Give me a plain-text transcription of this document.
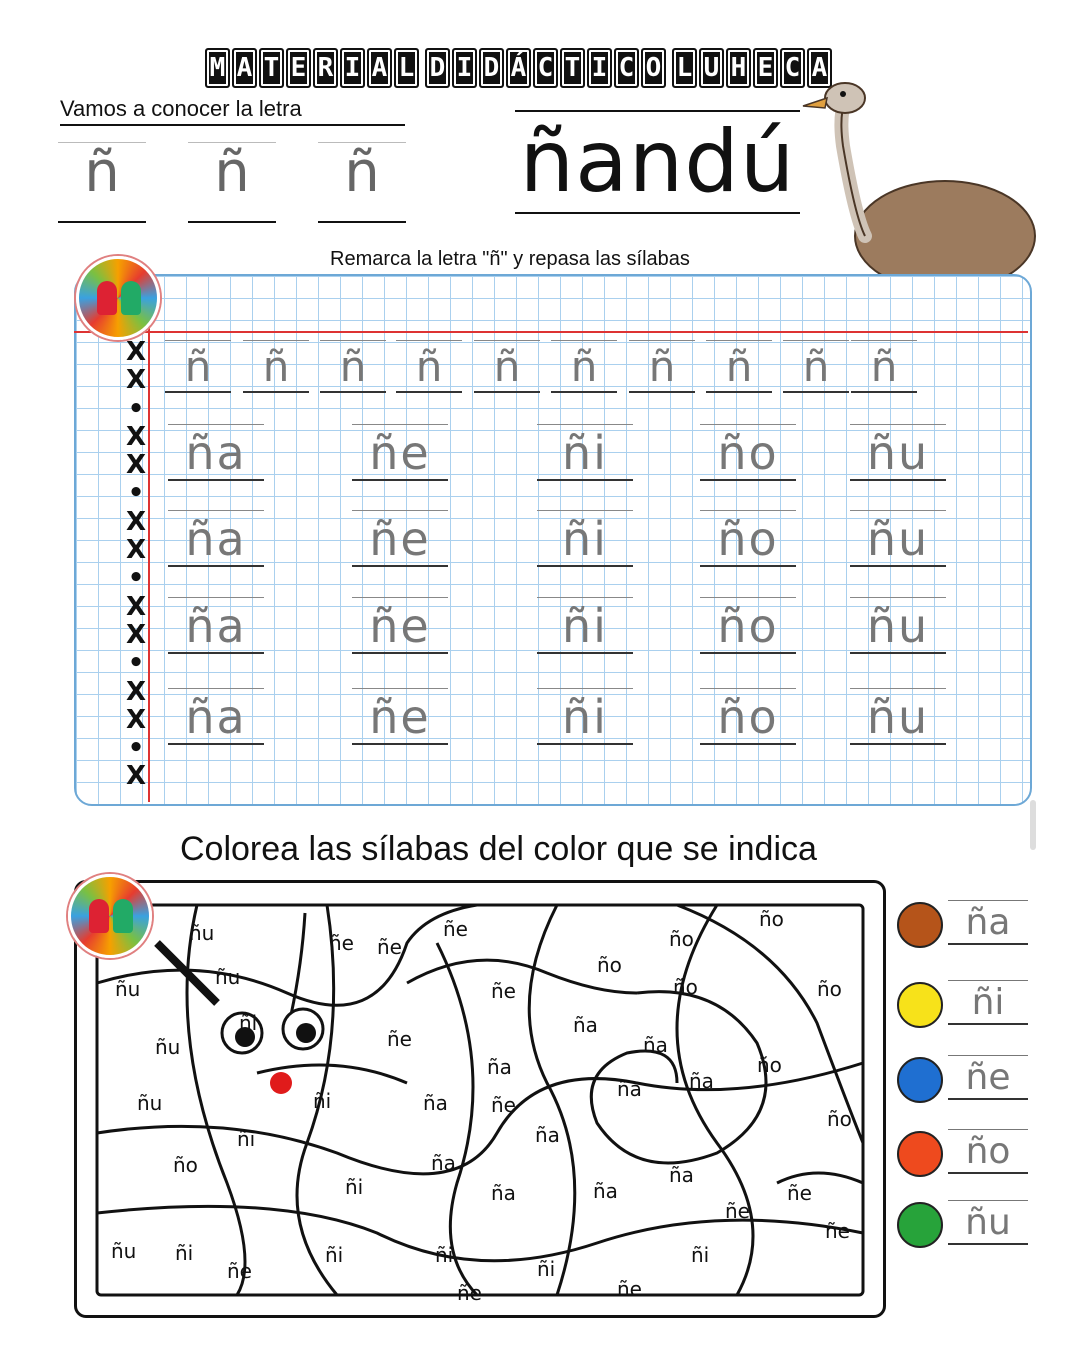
M A T E R I A L D I D Á C T I C O L U H E C A
Vamos a conocer la letra
ñ	ñ	ñ	ñandú
Remarca la letra "ñ" y repasa las sílabas
X
X
•
X
X
•
X
X
•
X
X
•
X
X
•
X
ñ	ñ	ñ	ñ	ñ	ñ	ñ	ñ	ñ ñ
ña	ñe	ñi	ño	ñu
ña	ñe	ñi	ño	ñu
ña	ñe	ñi	ño	ñu
ña	ñe	ñi	ño	ñu
Colorea las sílabas del color que se indica
ñu	ñe ñe
ñe
ñe
ño
ño
ñu	ñu
ñe	ño
ño
ño
ñi	ña
ñu	ñe
ña
ña
ño
ñu	ñi	ña
ña ña
ño
ñi	ña
ñi
ño	ña
ña
ña
ñe
ñi
ña
ñe
ñu	ñi	ñi
ñe
ñi
ñi
ñe
ñe
ñe
ña
ñi
ñe
ño
ñu
